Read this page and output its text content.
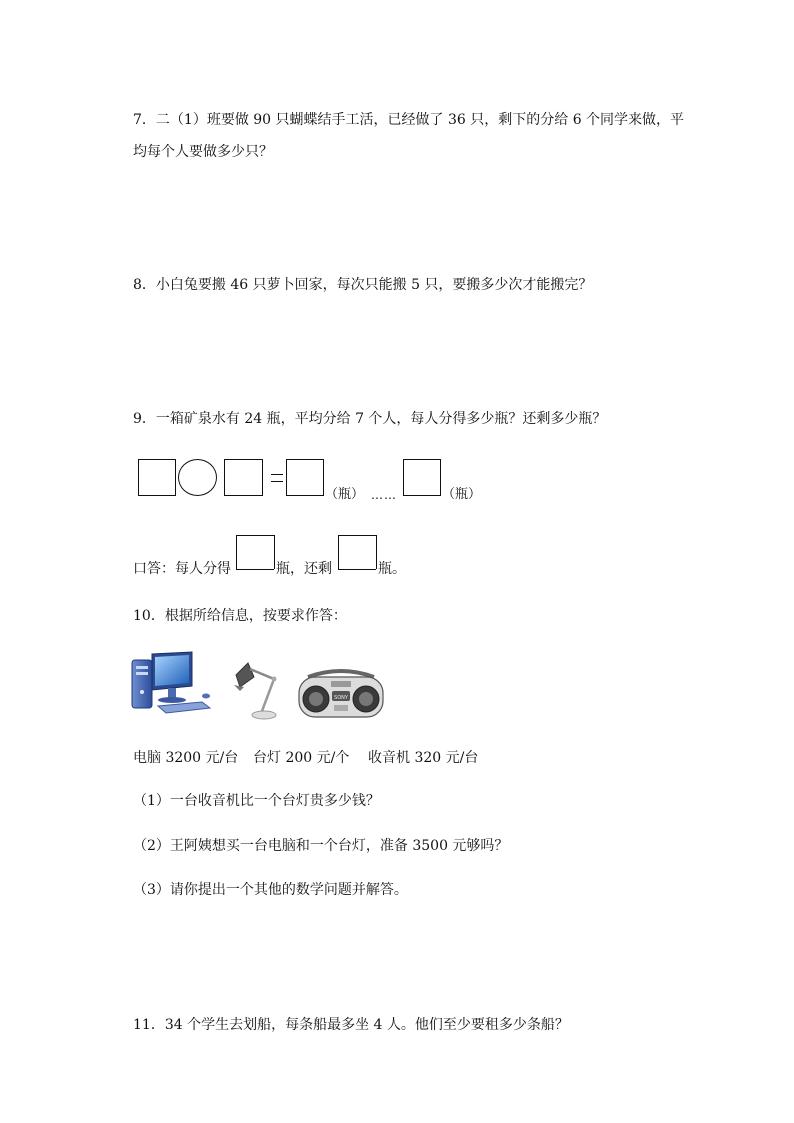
7．二（1）班要做 90 只蝴蝶结手工活，已经做了 36 只，剩下的分给 6 个同学来做，平
均每个人要做多少只？
8．小白兔要搬 46 只萝卜回家，每次只能搬 5 只，要搬多少次才能搬完？
9．一箱矿泉水有 24 瓶，平均分给 7 个人，每人分得多少瓶？还剩多少瓶？
（瓶） ……	（瓶）
口答：每人分得	瓶，还剩	瓶。
10．根据所给信息，按要求作答：
SONY
电脑 3200 元/台 台灯 200 元/个 收音机 320 元/台
（1）一台收音机比一个台灯贵多少钱？
（2）王阿姨想买一台电脑和一个台灯，准备 3500 元够吗？
（3）请你提出一个其他的数学问题并解答。
11．34 个学生去划船，每条船最多坐 4 人。他们至少要租多少条船？
